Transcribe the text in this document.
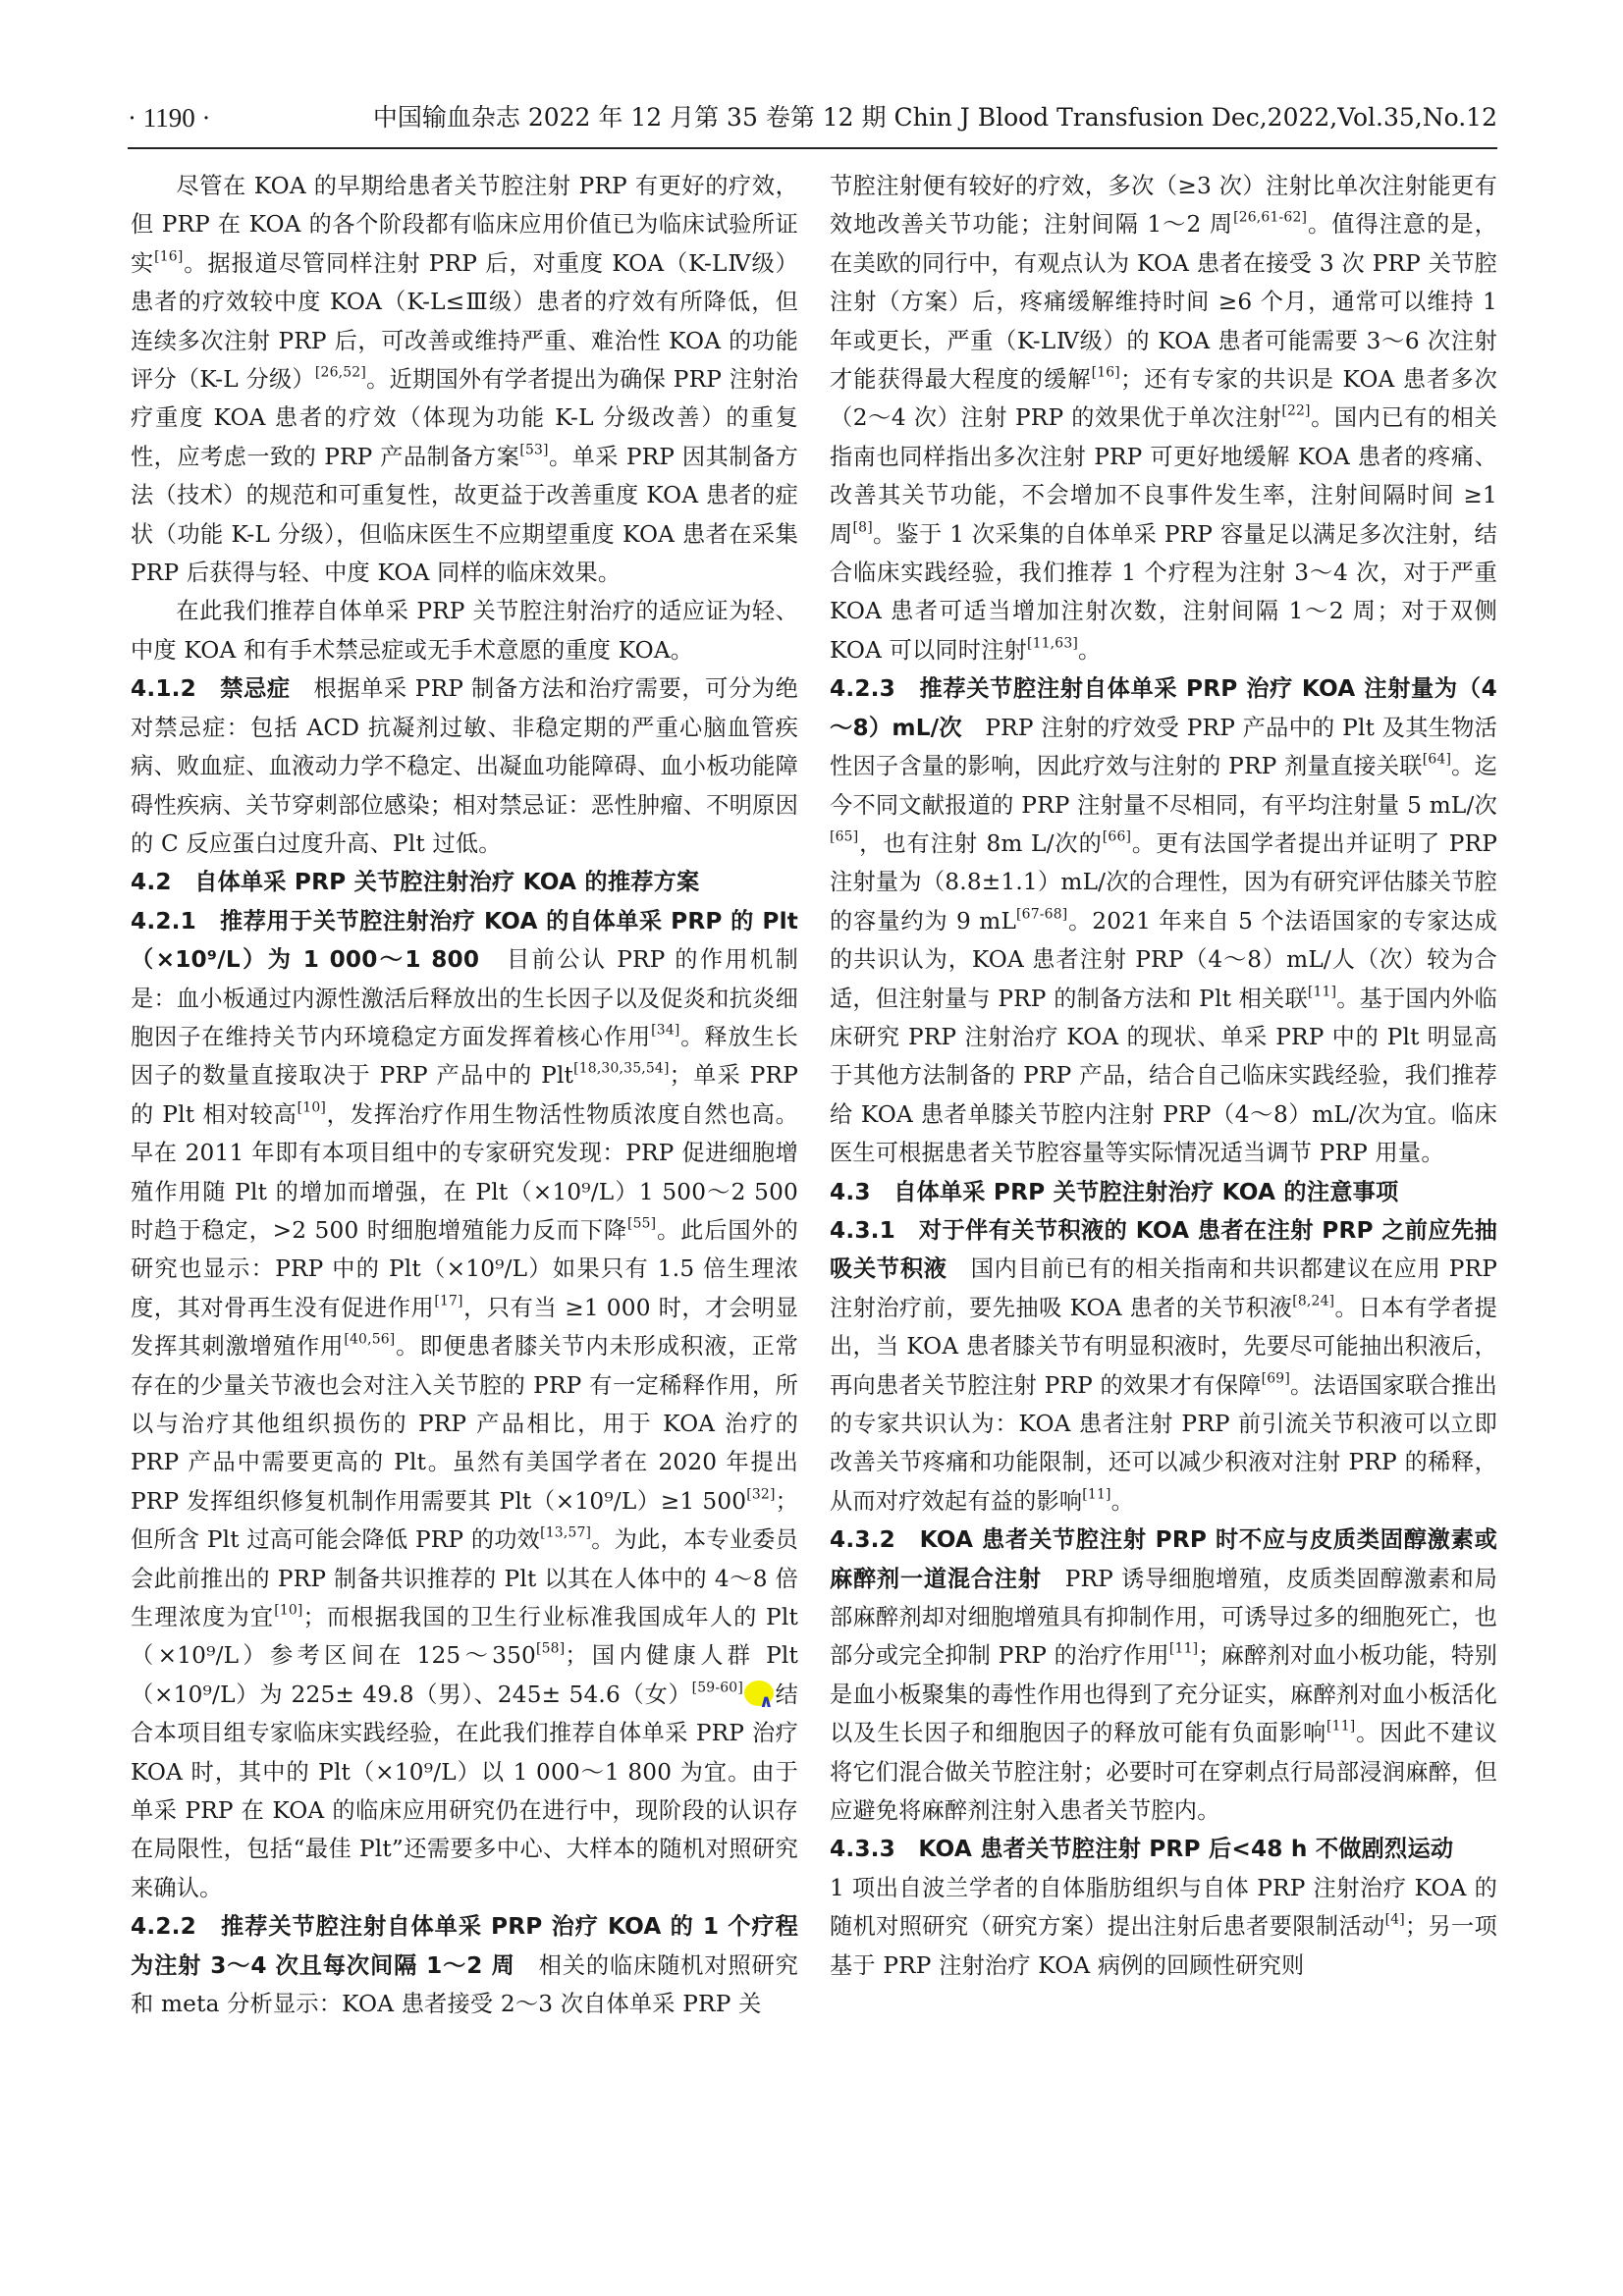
· 1190 ·	中国输血杂志 2022 年 12 月第 35 卷第 12 期 Chin J Blood Transfusion Dec,2022,Vol.35,No.12

尽管在 KOA 的早期给患者关节腔注射 PRP 有更好的疗效，但 PRP 在 KOA 的各个阶段都有临床应用价值已为临床试验所证实[16]。据报道尽管同样注射 PRP 后，对重度 KOA（K-LⅣ级）患者的疗效较中度 KOA（K-L≤Ⅲ级）患者的疗效有所降低，但连续多次注射 PRP 后，可改善或维持严重、难治性 KOA 的功能评分（K-L 分级）[26,52]。近期国外有学者提出为确保 PRP 注射治疗重度 KOA 患者的疗效（体现为功能 K-L 分级改善）的重复性，应考虑一致的 PRP 产品制备方案[53]。单采 PRP 因其制备方法（技术）的规范和可重复性，故更益于改善重度 KOA 患者的症状（功能 K-L 分级），但临床医生不应期望重度 KOA 患者在采集 PRP 后获得与轻、中度 KOA 同样的临床效果。

在此我们推荐自体单采 PRP 关节腔注射治疗的适应证为轻、中度 KOA 和有手术禁忌症或无手术意愿的重度 KOA。

4.1.2　 禁忌症　 根据单采 PRP 制备方法和治疗需要，可分为绝对禁忌症：包括 ACD 抗凝剂过敏、非稳定期的严重心脑血管疾病、败血症、血液动力学不稳定、出凝血功能障碍、血小板功能障碍性疾病、关节穿刺部位感染；相对禁忌证：恶性肿瘤、不明原因的 C 反应蛋白过度升高、Plt 过低。

4.2　 自体单采 PRP 关节腔注射治疗 KOA 的推荐方案

4.2.1　 推荐用于关节腔注射治疗 KOA 的自体单采 PRP 的 Plt（×10⁹/L）为 1 000～1 800　 目前公认 PRP 的作用机制是：血小板通过内源性激活后释放出的生长因子以及促炎和抗炎细胞因子在维持关节内环境稳定方面发挥着核心作用[34]。释放生长因子的数量直接取决于 PRP 产品中的 Plt[18,30,35,54]；单采 PRP 的 Plt 相对较高[10]，发挥治疗作用生物活性物质浓度自然也高。早在 2011 年即有本项目组中的专家研究发现：PRP 促进细胞增殖作用随 Plt 的增加而增强，在 Plt（×10⁹/L）1 500～2 500 时趋于稳定，>2 500 时细胞增殖能力反而下降[55]。此后国外的研究也显示：PRP 中的 Plt（×10⁹/L）如果只有 1.5 倍生理浓度，其对骨再生没有促进作用[17]，只有当 ≥1 000 时，才会明显发挥其刺激增殖作用[40,56]。即便患者膝关节内未形成积液，正常存在的少量关节液也会对注入关节腔的 PRP 有一定稀释作用，所以与治疗其他组织损伤的 PRP 产品相比，用于 KOA 治疗的 PRP 产品中需要更高的 Plt。虽然有美国学者在 2020 年提出 PRP 发挥组织修复机制作用需要其 Plt（×10⁹/L）≥1 500[32]；但所含 Plt 过高可能会降低 PRP 的功效[13,57]。为此，本专业委员会此前推出的 PRP 制备共识推荐的 Plt 以其在人体中的 4～8 倍生理浓度为宜[10]；而根据我国的卫生行业标准我国成年人的 Plt（×10⁹/L）参考区间在 125～350[58]；国内健康人群 Plt（×10⁹/L）为 225± 49.8（男）、245± 54.6（女）[59-60]
∧ 结合本项目组专家临床实践经验，在此我们推荐自体单采 PRP 治疗 KOA 时，其中的 Plt（×10⁹/L）以 1 000～1 800 为宜。由于单采 PRP 在 KOA 的临床应用研究仍在进行中，现阶段的认识存在局限性，包括“最佳 Plt”还需要多中心、大样本的随机对照研究来确认。

4.2.2　 推荐关节腔注射自体单采 PRP 治疗 KOA 的 1 个疗程为注射 3～4 次且每次间隔 1～2 周　 相关的临床随机对照研究和 meta 分析显示：KOA 患者接受 2～3 次自体单采 PRP 关

节腔注射便有较好的疗效，多次（≥3 次）注射比单次注射能更有效地改善关节功能；注射间隔 1～2 周[26,61-62]。值得注意的是，在美欧的同行中，有观点认为 KOA 患者在接受 3 次 PRP 关节腔注射（方案）后，疼痛缓解维持时间 ≥6 个月，通常可以维持 1 年或更长，严重（K-LⅣ级）的 KOA 患者可能需要 3～6 次注射才能获得最大程度的缓解[16]；还有专家的共识是 KOA 患者多次（2～4 次）注射 PRP 的效果优于单次注射[22]。国内已有的相关指南也同样指出多次注射 PRP 可更好地缓解 KOA 患者的疼痛、改善其关节功能，不会增加不良事件发生率，注射间隔时间 ≥1 周[8]。鉴于 1 次采集的自体单采 PRP 容量足以满足多次注射，结合临床实践经验，我们推荐 1 个疗程为注射 3～4 次，对于严重 KOA 患者可适当增加注射次数，注射间隔 1～2 周；对于双侧 KOA 可以同时注射[11,63]。

4.2.3　 推荐关节腔注射自体单采 PRP 治疗 KOA 注射量为（4～8）mL/次　 PRP 注射的疗效受 PRP 产品中的 Plt 及其生物活性因子含量的影响，因此疗效与注射的 PRP 剂量直接关联[64]。迄今不同文献报道的 PRP 注射量不尽相同，有平均注射量 5 mL/次[65]，也有注射 8m L/次的[66]。更有法国学者提出并证明了 PRP 注射量为（8.8±1.1）mL/次的合理性，因为有研究评估膝关节腔的容量约为 9 mL[67-68]。2021 年来自 5 个法语国家的专家达成的共识认为，KOA 患者注射 PRP（4～8）mL/人（次）较为合适，但注射量与 PRP 的制备方法和 Plt 相关联[11]。基于国内外临床研究 PRP 注射治疗 KOA 的现状、单采 PRP 中的 Plt 明显高于其他方法制备的 PRP 产品，结合自己临床实践经验，我们推荐给 KOA 患者单膝关节腔内注射 PRP（4～8）mL/次为宜。临床医生可根据患者关节腔容量等实际情况适当调节 PRP 用量。

4.3　 自体单采 PRP 关节腔注射治疗 KOA 的注意事项

4.3.1　 对于伴有关节积液的 KOA 患者在注射 PRP 之前应先抽吸关节积液　 国内目前已有的相关指南和共识都建议在应用 PRP 注射治疗前，要先抽吸 KOA 患者的关节积液[8,24]。日本有学者提出，当 KOA 患者膝关节有明显积液时，先要尽可能抽出积液后，再向患者关节腔注射 PRP 的效果才有保障[69]。法语国家联合推出的专家共识认为：KOA 患者注射 PRP 前引流关节积液可以立即改善关节疼痛和功能限制，还可以减少积液对注射 PRP 的稀释，从而对疗效起有益的影响[11]。

4.3.2　 KOA 患者关节腔注射 PRP 时不应与皮质类固醇激素或麻醉剂一道混合注射　 PRP 诱导细胞增殖，皮质类固醇激素和局部麻醉剂却对细胞增殖具有抑制作用，可诱导过多的细胞死亡，也部分或完全抑制 PRP 的治疗作用[11]；麻醉剂对血小板功能，特别是血小板聚集的毒性作用也得到了充分证实，麻醉剂对血小板活化以及生长因子和细胞因子的释放可能有负面影响[11]。因此不建议将它们混合做关节腔注射；必要时可在穿刺点行局部浸润麻醉，但应避免将麻醉剂注射入患者关节腔内。

4.3.3　 KOA 患者关节腔注射 PRP 后<48 h 不做剧烈运动

1 项出自波兰学者的自体脂肪组织与自体 PRP 注射治疗 KOA 的随机对照研究（研究方案）提出注射后患者要限制活动[4]；另一项基于 PRP 注射治疗 KOA 病例的回顾性研究则
